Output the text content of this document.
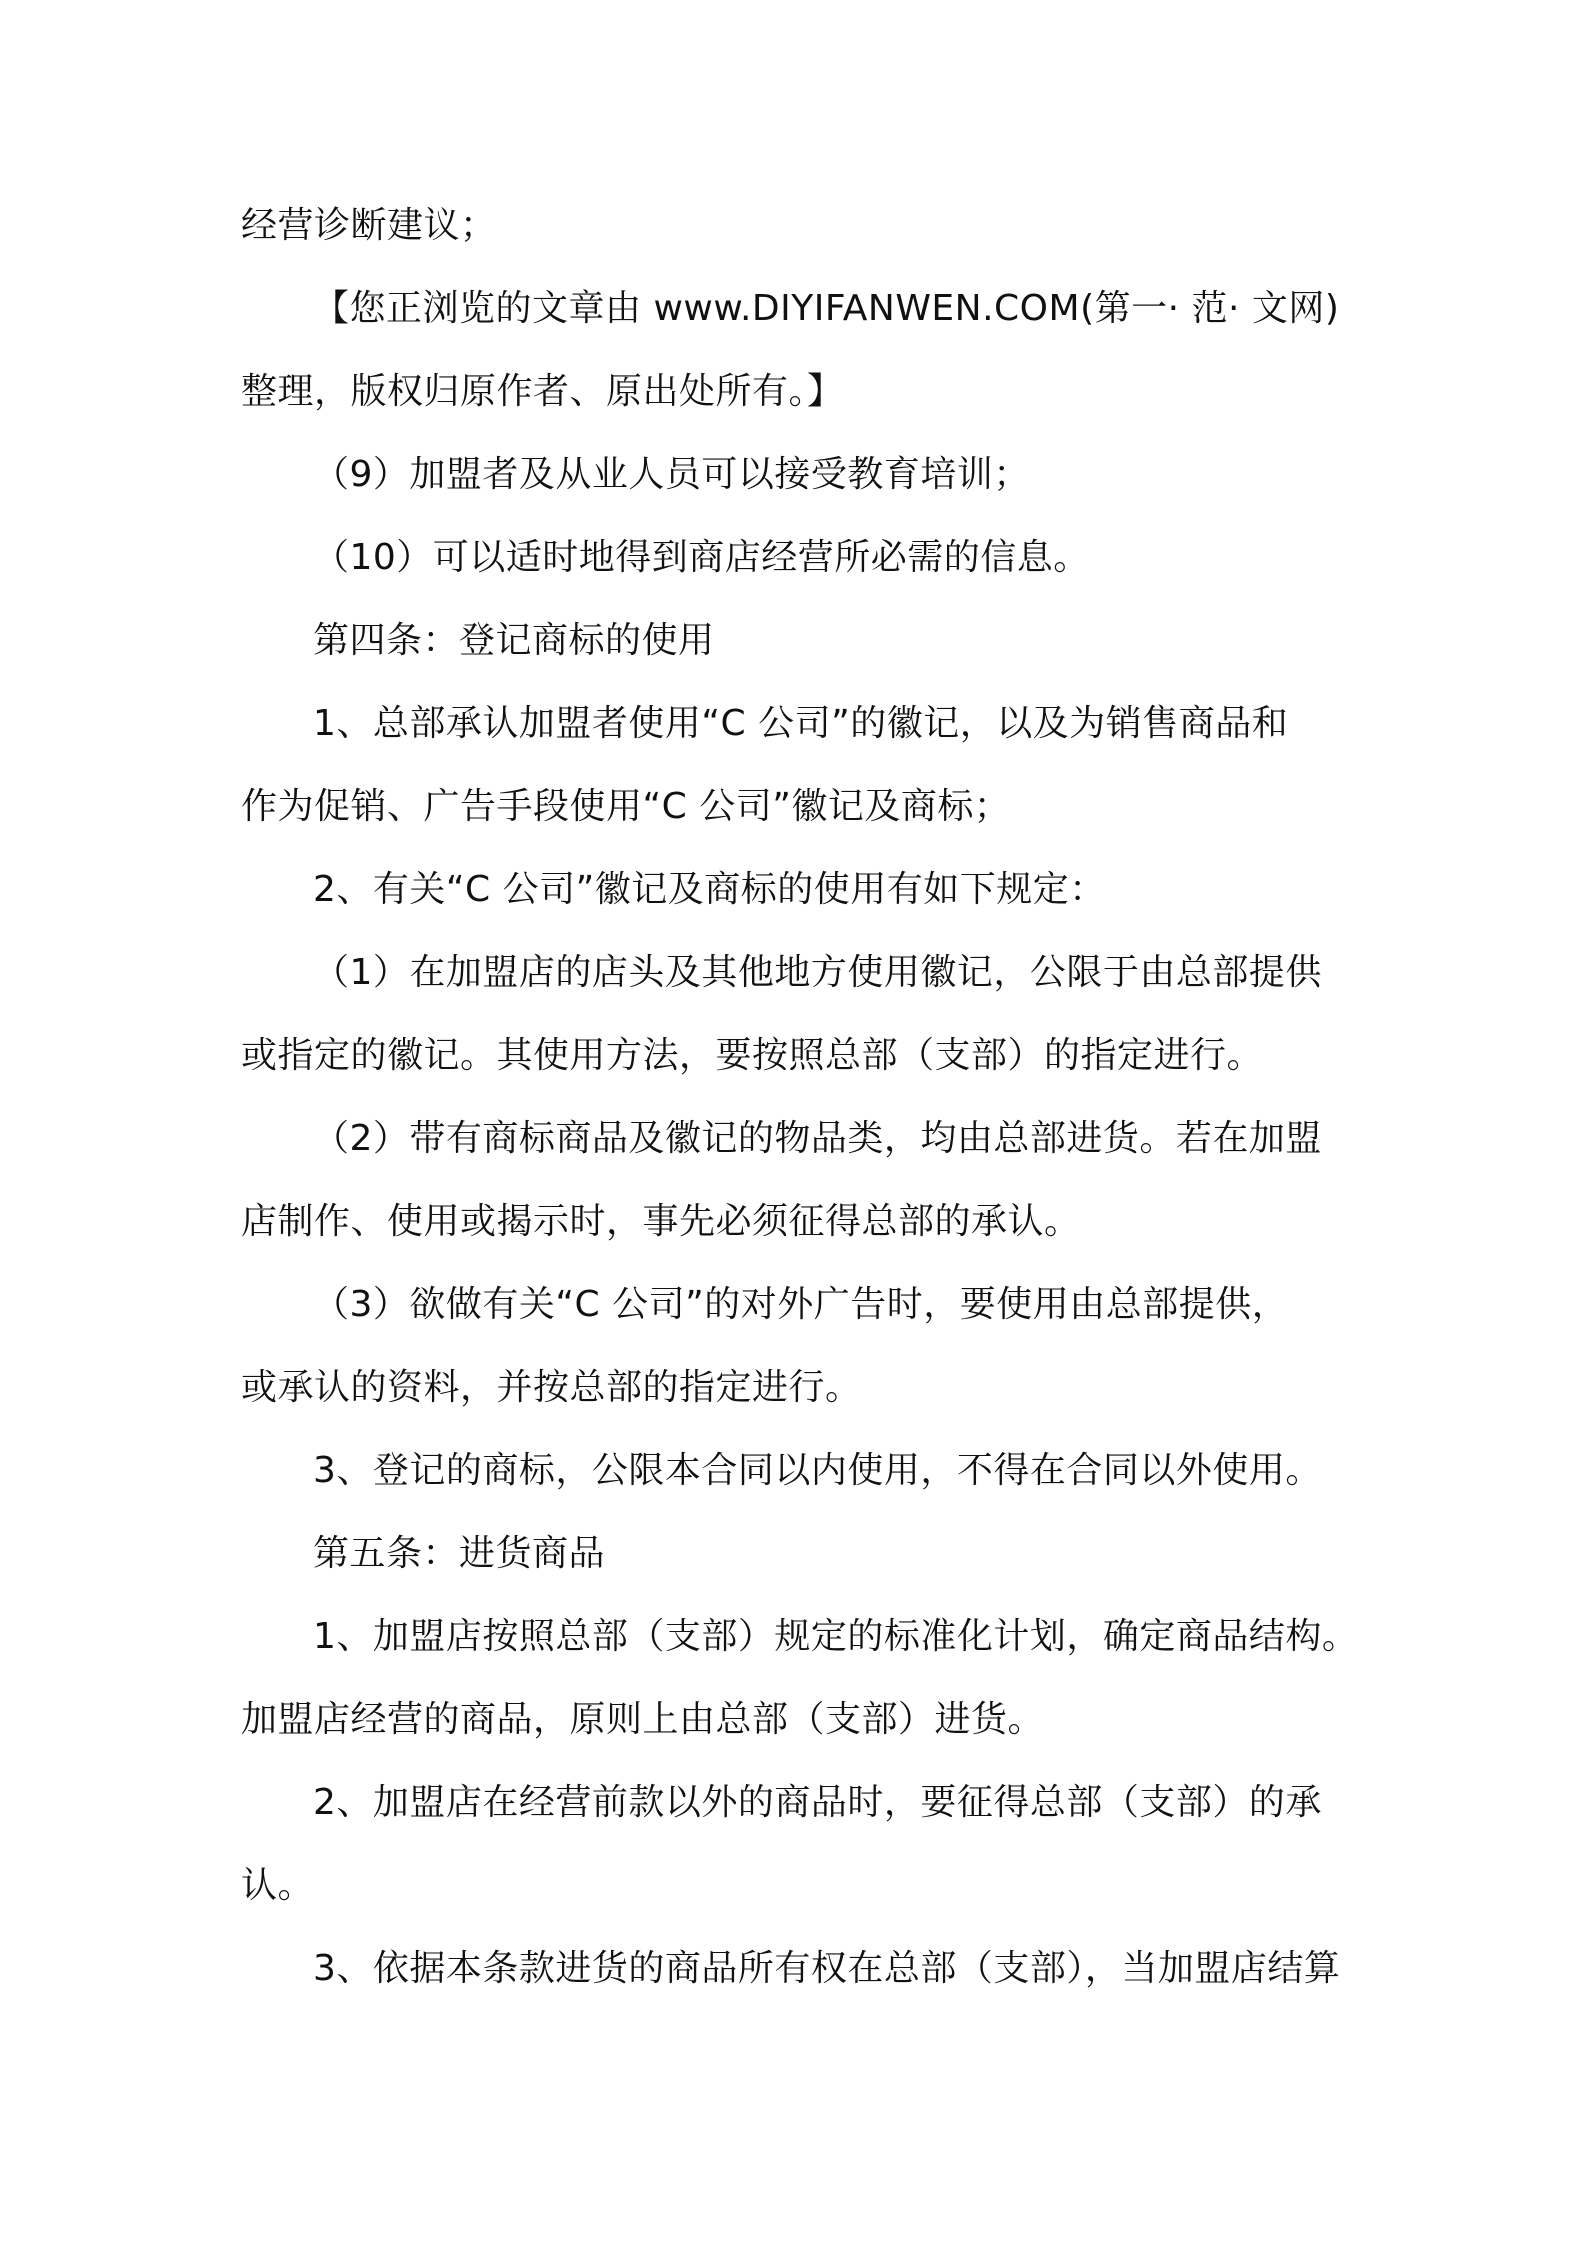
经营诊断建议；
【您正浏览的文章由 www.DIYIFANWEN.COM(第一· 范· 文网)
整理，版权归原作者、原出处所有。】
（9）加盟者及从业人员可以接受教育培训；
（10）可以适时地得到商店经营所必需的信息。
第四条：登记商标的使用
1、总部承认加盟者使用“C 公司”的徽记，以及为销售商品和
作为促销、广告手段使用“C 公司”徽记及商标；
2、有关“C 公司”徽记及商标的使用有如下规定：
（1）在加盟店的店头及其他地方使用徽记，公限于由总部提供
或指定的徽记。其使用方法，要按照总部（支部）的指定进行。
（2）带有商标商品及徽记的物品类，均由总部进货。若在加盟
店制作、使用或揭示时，事先必须征得总部的承认。
（3）欲做有关“C 公司”的对外广告时，要使用由总部提供，
或承认的资料，并按总部的指定进行。
3、登记的商标，公限本合同以内使用，不得在合同以外使用。
第五条：进货商品
1、加盟店按照总部（支部）规定的标准化计划，确定商品结构。
加盟店经营的商品，原则上由总部（支部）进货。
2、加盟店在经营前款以外的商品时，要征得总部（支部）的承
认。
3、依据本条款进货的商品所有权在总部（支部），当加盟店结算
